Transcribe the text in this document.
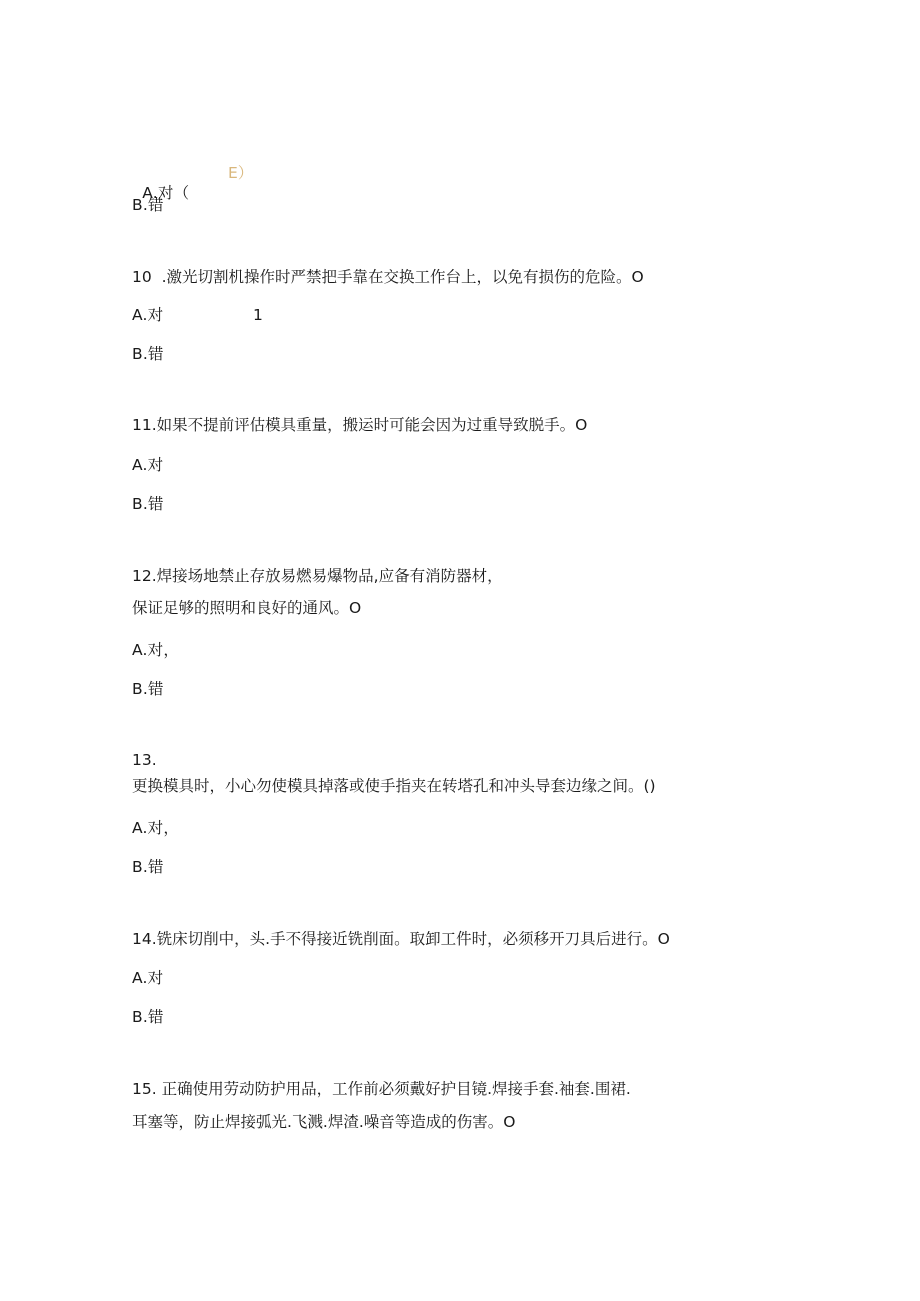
A.对（

E）
B.错
10  .激光切割机操作时严禁把手靠在交换工作台上，以免有损伤的危险。O
A.对	1
B.错
11.如果不提前评估模具重量，搬运时可能会因为过重导致脱手。O
A.对
B.错
12.焊接场地禁止存放易燃易爆物品,应备有消防器材，
保证足够的照明和良好的通风。O
A.对，
B.错
13.
更换模具时，小心勿使模具掉落或使手指夹在转塔孔和冲头导套边缘之间。()
A.对，
B.错
14.铣床切削中，头.手不得接近铣削面。取卸工件时，必须移开刀具后进行。O
A.对
B.错
15. 正确使用劳动防护用品，工作前必须戴好护目镜.焊接手套.袖套.围裙.
耳塞等，防止焊接弧光.飞溅.焊渣.噪音等造成的伤害。O
